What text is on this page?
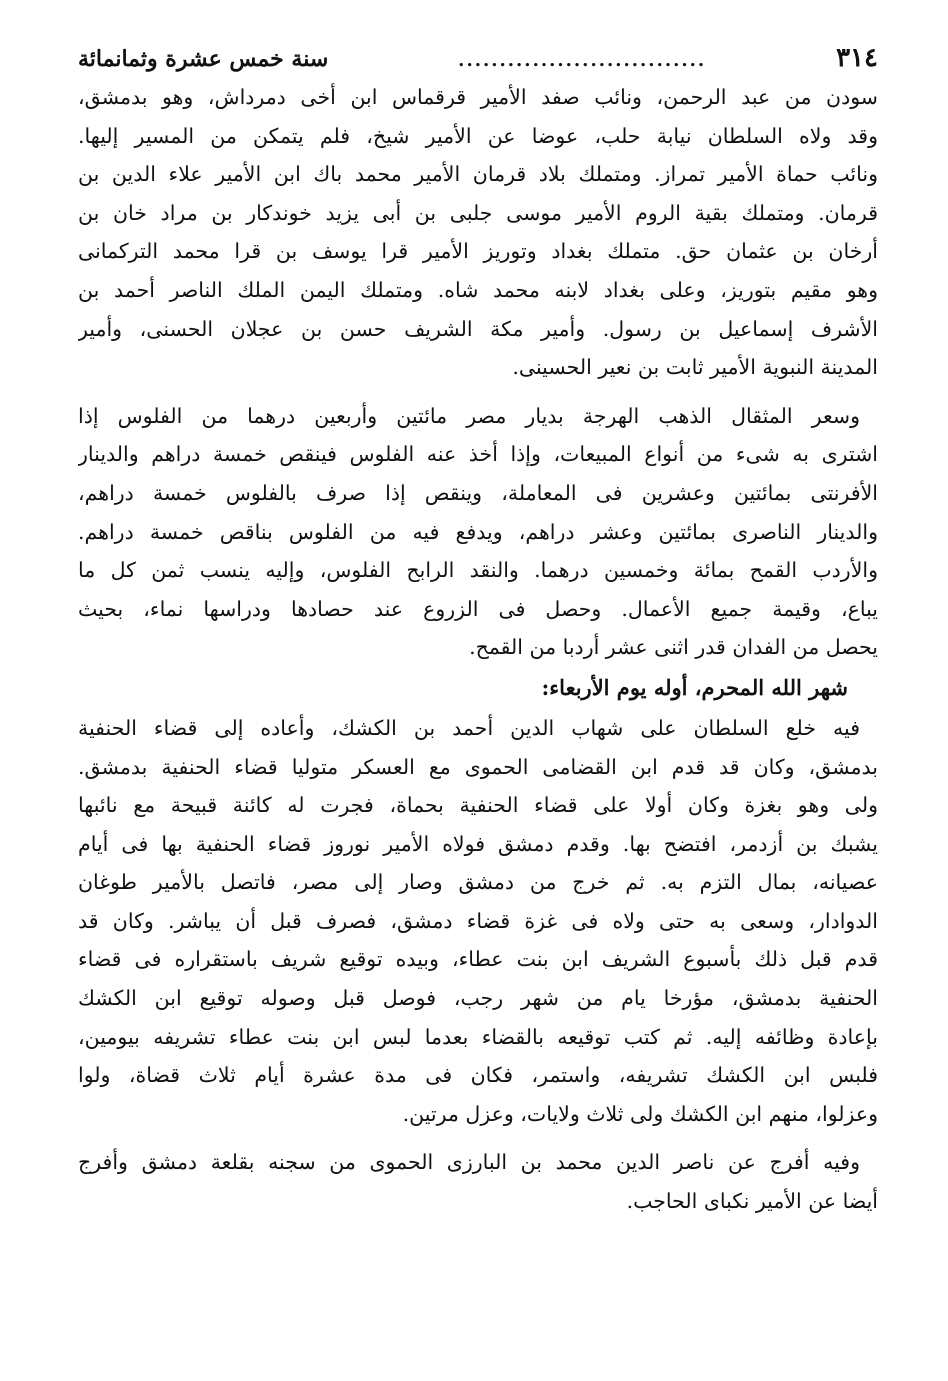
٣١٤
..............................
سنة خمس عشرة وثمانمائة
سودن من عبد الرحمن، ونائب صفد الأمير قرقماس ابن أخى دمرداش، وهو بدمشق،
وقد ولاه السلطان نيابة حلب، عوضا عن الأمير شيخ، فلم يتمكن من المسير إليها.
ونائب حماة الأمير تمراز. ومتملك بلاد قرمان الأمير محمد باك ابن الأمير علاء الدين بن
قرمان. ومتملك بقية الروم الأمير موسى جلبى بن أبى يزيد خوندكار بن مراد خان بن
أرخان بن عثمان حق. متملك بغداد وتوريز الأمير قرا يوسف بن قرا محمد التركمانى
وهو مقيم بتوريز، وعلى بغداد لابنه محمد شاه. ومتملك اليمن الملك الناصر أحمد بن
الأشرف إسماعيل بن رسول. وأمير مكة الشريف حسن بن عجلان الحسنى، وأمير
المدينة النبوية الأمير ثابت بن نعير الحسينى.
وسعر المثقال الذهب الهرجة بديار مصر مائتين وأربعين درهما من الفلوس إذا
اشترى به شىء من أنواع المبيعات، وإذا أخذ عنه الفلوس فينقص خمسة دراهم والدينار
الأفرنتى بمائتين وعشرين فى المعاملة، وينقص إذا صرف بالفلوس خمسة دراهم،
والدينار الناصرى بمائتين وعشر دراهم، ويدفع فيه من الفلوس بناقص خمسة دراهم.
والأردب القمح بمائة وخمسين درهما. والنقد الرابح الفلوس، وإليه ينسب ثمن كل ما
يباع، وقيمة جميع الأعمال. وحصل فى الزروع عند حصادها ودراسها نماء، بحيث
يحصل من الفدان قدر اثنى عشر أردبا من القمح.
شهر الله المحرم، أوله يوم الأربعاء:
فيه خلع السلطان على شهاب الدين أحمد بن الكشك، وأعاده إلى قضاء الحنفية
بدمشق، وكان قد قدم ابن القضامى الحموى مع العسكر متوليا قضاء الحنفية بدمشق.
ولى وهو بغزة وكان أولا على قضاء الحنفية بحماة، فجرت له كائنة قبيحة مع نائبها
يشبك بن أزدمر، افتضح بها. وقدم دمشق فولاه الأمير نوروز قضاء الحنفية بها فى أيام
عصيانه، بمال التزم به. ثم خرج من دمشق وصار إلى مصر، فاتصل بالأمير طوغان
الدوادار، وسعى به حتى ولاه فى غزة قضاء دمشق، فصرف قبل أن يباشر. وكان قد
قدم قبل ذلك بأسبوع الشريف ابن بنت عطاء، وبيده توقيع شريف باستقراره فى قضاء
الحنفية بدمشق، مؤرخا يام من شهر رجب، فوصل قبل وصوله توقيع ابن الكشك
بإعادة وظائفه إليه. ثم كتب توقيعه بالقضاء بعدما لبس ابن بنت عطاء تشريفه بيومين،
فلبس ابن الكشك تشريفه، واستمر، فكان فى مدة عشرة أيام ثلاث قضاة، ولوا
وعزلوا، منهم ابن الكشك ولى ثلاث ولايات، وعزل مرتين.
وفيه أفرج عن ناصر الدين محمد بن البارزى الحموى من سجنه بقلعة دمشق وأفرج
أيضا عن الأمير نكباى الحاجب.
